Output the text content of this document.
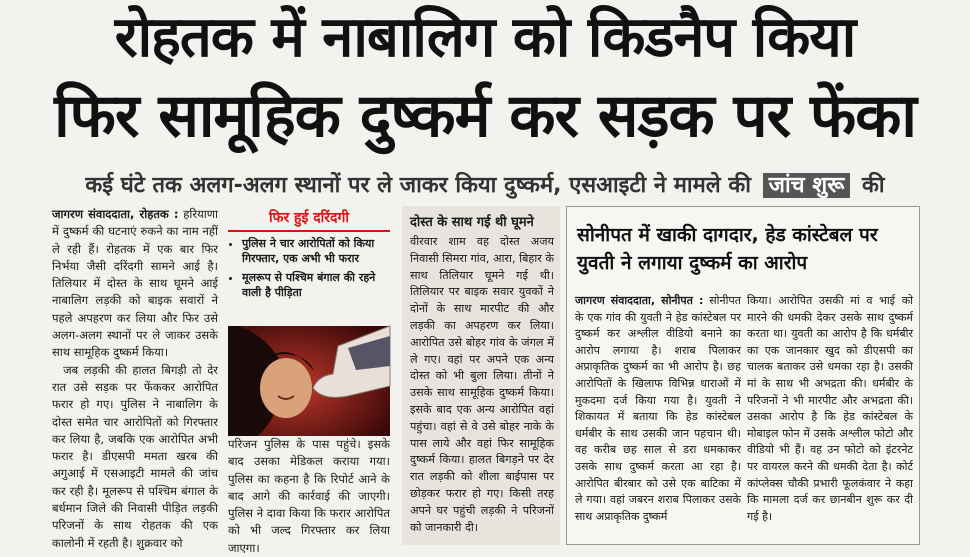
रोहतक में नाबालिग को किडनैप किया
फिर सामूहिक दुष्कर्म कर सड़क पर फेंका
कई घंटे तक अलग-अलग स्थानों पर ले जाकर किया दुष्कर्म, एसआइटी ने मामले की जांच शुरू की
जागरण संवाददाता, रोहतक : हरियाणा में दुष्कर्म की घटनाएं रुकने का नाम नहीं ले रही हैं। रोहतक में एक बार फिर निर्भया जैसी दरिंदगी सामने आई है। तिलियार में दोस्त के साथ घूमने आई नाबालिग लड़की को बाइक सवारों ने पहले अपहरण कर लिया और फिर उसे अलग-अलग स्थानों पर ले जाकर उसके साथ सामूहिक दुष्कर्म किया।
जब लड़की की हालत बिगड़ी तो देर रात उसे सड़क पर फेंककर आरोपित फरार हो गए। पुलिस ने नाबालिग के दोस्त समेत चार आरोपितों को गिरफ्तार कर लिया है, जबकि एक आरोपित अभी फरार है। डीएसपी ममता खरब की अगुआई में एसआइटी मामले की जांच कर रही है। मूलरूप से पश्चिम बंगाल के बर्धमान जिले की निवासी पीड़ित लड़की परिजनों के साथ रोहतक की एक कालोनी में रहती है। शुक्रवार को
फिर हुई दरिंदगी
• पुलिस ने चार आरोपितों को किया गिरफ्तार, एक अभी भी फरार
• मूलरूप से पश्चिम बंगाल की रहने वाली है पीड़िता
परिजन पुलिस के पास पहुंचे। इसके बाद उसका मेडिकल कराया गया। पुलिस का कहना है कि रिपोर्ट आने के बाद आगे की कार्रवाई की जाएगी। पुलिस ने दावा किया कि फरार आरोपित को भी जल्द गिरफ्तार कर लिया जाएगा।
दोस्त के साथ गई थी घूमने
वीरवार शाम वह दोस्त अजय निवासी सिमरा गांव, आरा, बिहार के साथ तिलियार घूमने गई थी। तिलियार पर बाइक सवार युवकों ने दोनों के साथ मारपीट की और लड़की का अपहरण कर लिया। आरोपित उसे बोहर गांव के जंगल में ले गए। वहां पर अपने एक अन्य दोस्त को भी बुला लिया। तीनों ने उसके साथ सामूहिक दुष्कर्म किया। इसके बाद एक अन्य आरोपित वहां पहुंचा। वहां से वे उसे बोहर नाके के पास लाये और वहां फिर सामूहिक दुष्कर्म किया। हालत बिगड़ने पर देर रात लड़की को शीला बाईपास पर छोड़कर फरार हो गए। किसी तरह अपने घर पहुंची लड़की ने परिजनों को जानकारी दी।
सोनीपत में खाकी दागदार, हेड कांस्टेबल पर युवती ने लगाया दुष्कर्म का आरोप
जागरण संवाददाता, सोनीपत : सोनीपत के एक गांव की युवती ने हेड कांस्टेबल पर दुष्कर्म कर अश्लील वीडियो बनाने का आरोप लगाया है। शराब पिलाकर अप्राकृतिक दुष्कर्म का भी आरोप है। छह आरोपितों के खिलाफ विभिन्न धाराओं में मुकदमा दर्ज किया गया है। युवती ने शिकायत में बताया कि हेड कांस्टेबल धर्मबीर के साथ उसकी जान पहचान थी। वह करीब छह साल से डरा धमकाकर उसके साथ दुष्कर्म करता आ रहा है। आरोपित बीरबार को उसे एक बाटिका में ले गया। वहां जबरन शराब पिलाकर उसके साथ अप्राकृतिक दुष्कर्म
किया। आरोपित उसकी मां व भाई को मारने की धमकी देकर उसके साथ दुष्कर्म करता था। युवती का आरोप है कि धर्मबीर का एक जानकार खुद को डीएसपी का चालक बताकर उसे धमका रहा है। उसकी मां के साथ भी अभद्रता की। धर्मबीर के परिजनों ने भी मारपीट और अभद्रता की। उसका आरोप है कि हेड कांस्टेबल के मोबाइल फोन में उसके अश्लील फोटो और वीडियो भी हैं। वह उन फोटो को इंटरनेट पर वायरल करने की धमकी देता है। कोर्ट कांप्लेक्स चौकी प्रभारी फूलकंवार ने कहा कि मामला दर्ज कर छानबीन शुरू कर दी गई है।
